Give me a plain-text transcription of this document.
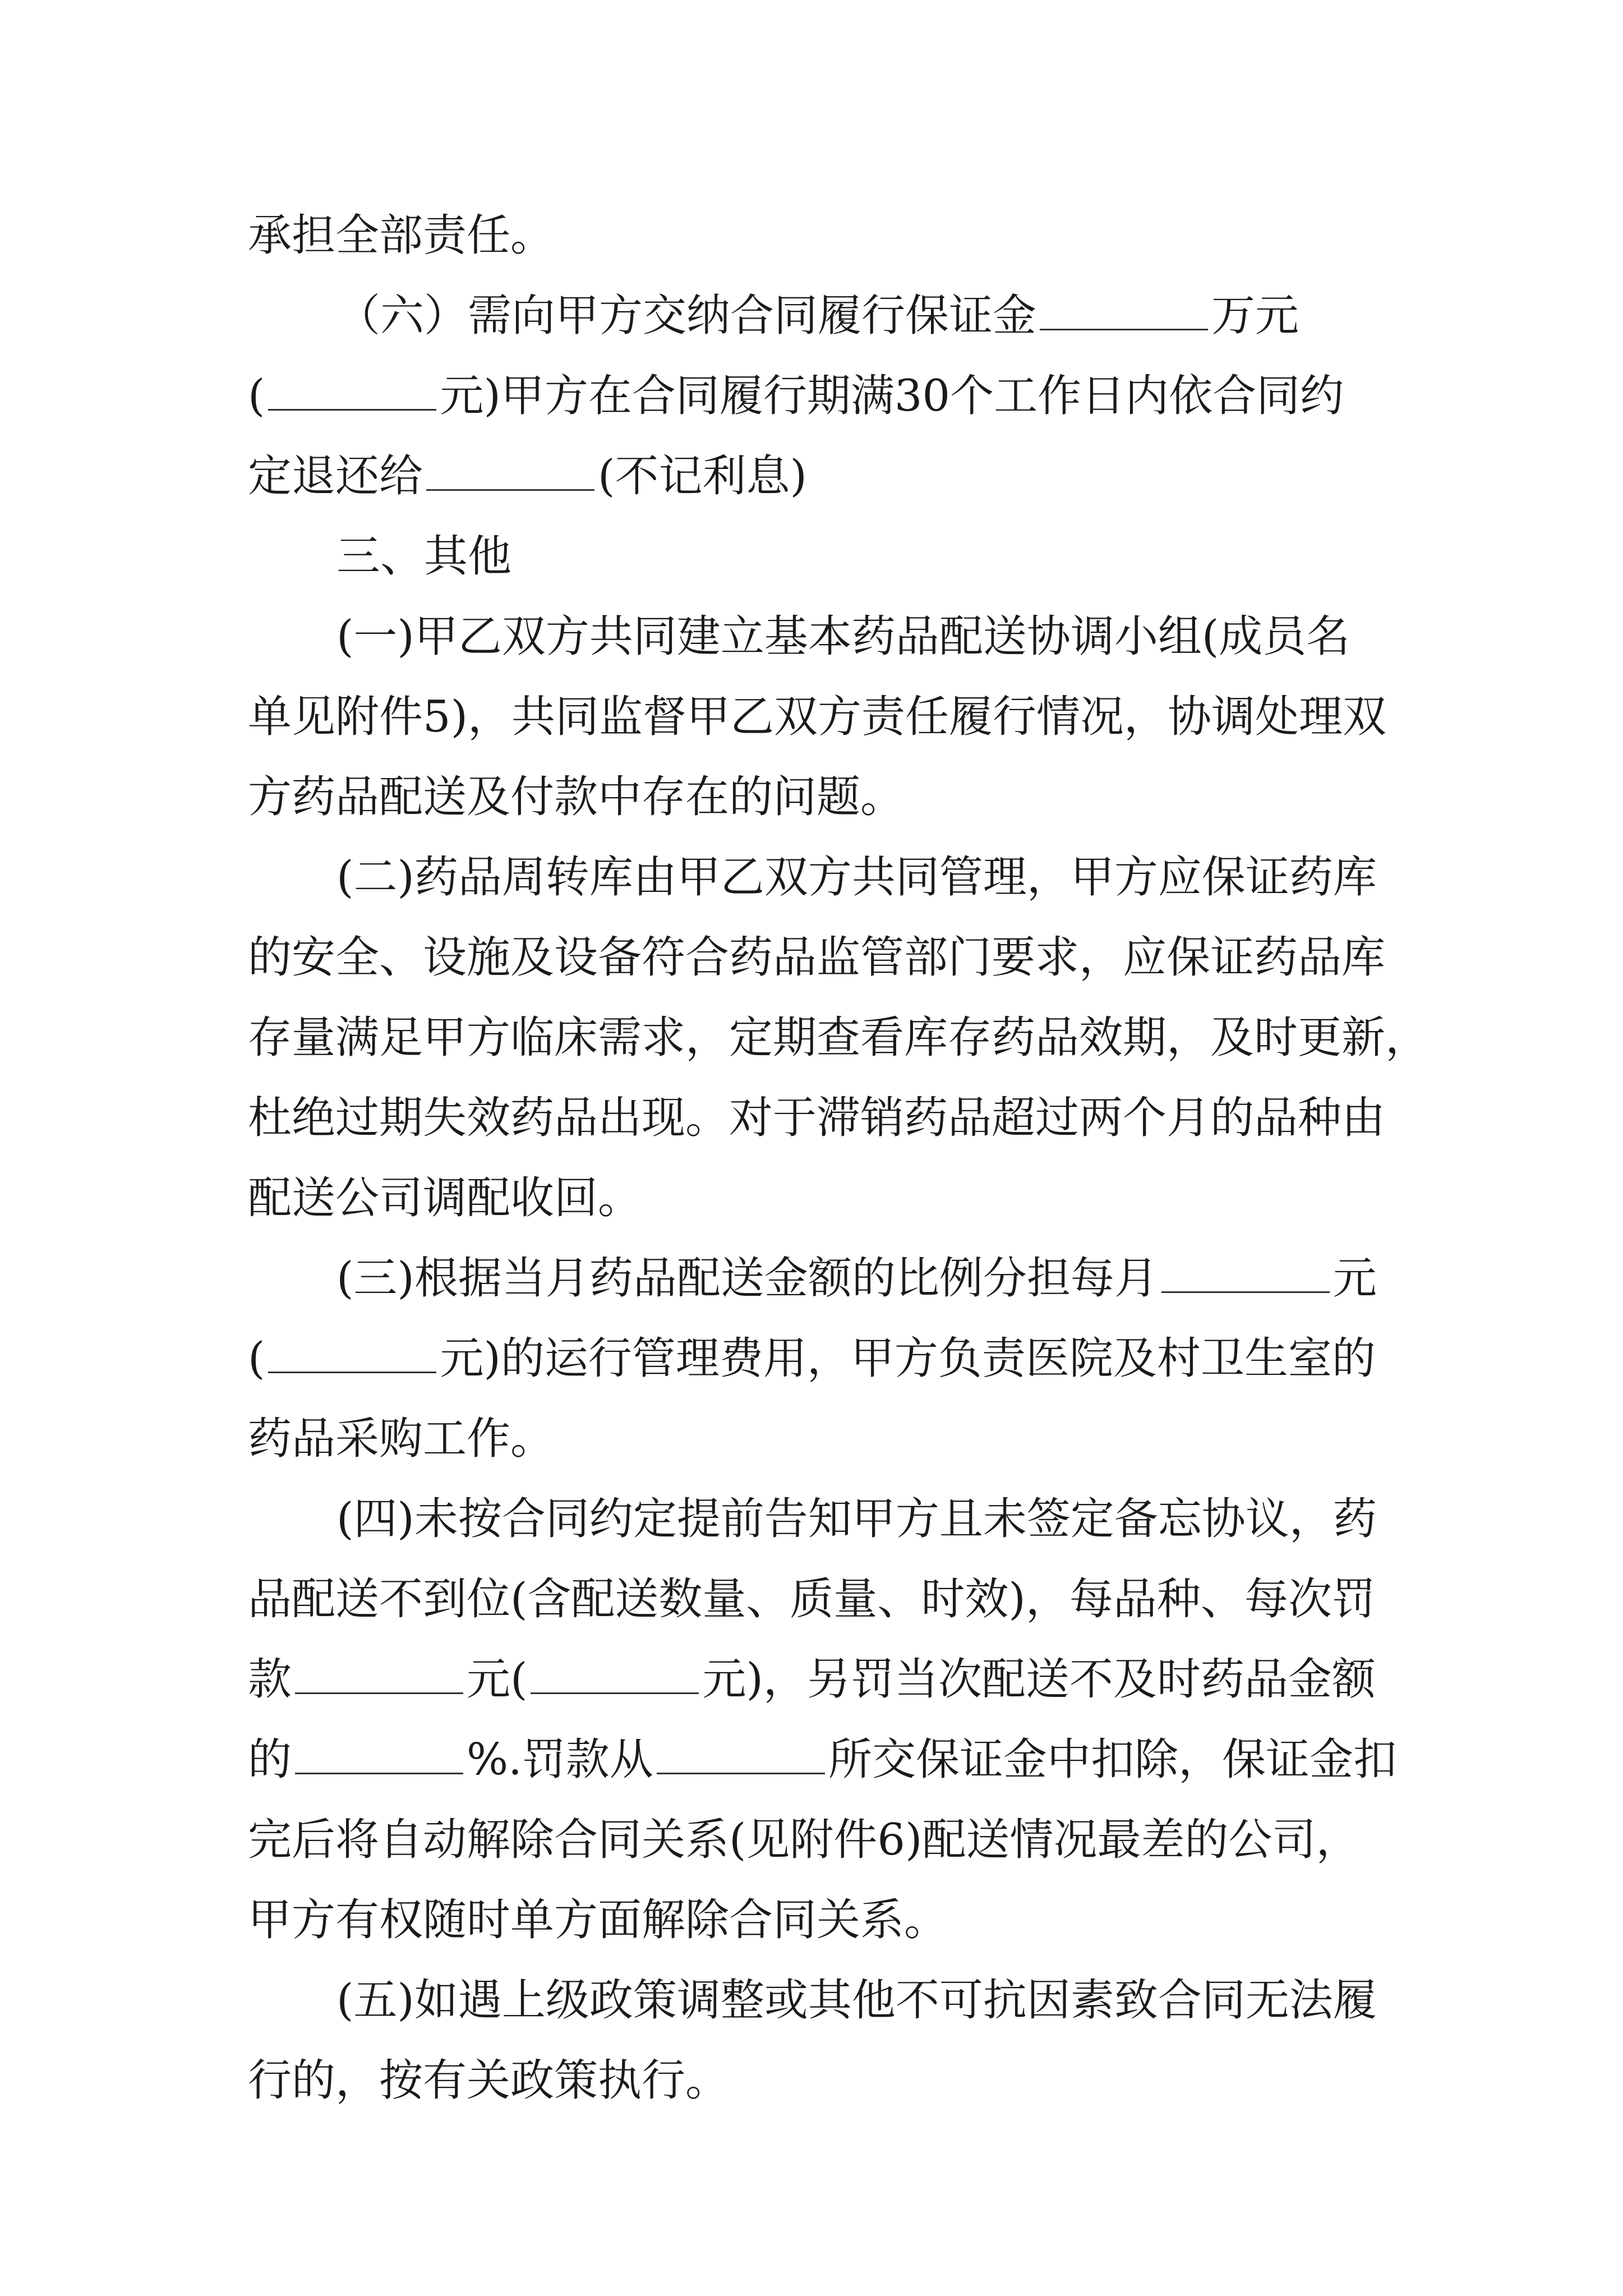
承担全部责任。
（六）需向甲方交纳合同履行保证金	万元
(	元)甲方在合同履行期满30个工作日内依合同约
定退还给	(不记利息)
三、其他
(一)甲乙双方共同建立基本药品配送协调小组(成员名
单见附件5)，共同监督甲乙双方责任履行情况，协调处理双
方药品配送及付款中存在的问题。
(二)药品周转库由甲乙双方共同管理，甲方应保证药库
的安全、设施及设备符合药品监管部门要求，应保证药品库
存量满足甲方临床需求，定期查看库存药品效期，及时更新，
杜绝过期失效药品出现。对于滞销药品超过两个月的品种由
配送公司调配收回。
(三)根据当月药品配送金额的比例分担每月	元
(	元)的运行管理费用，甲方负责医院及村卫生室的
药品采购工作。
(四)未按合同约定提前告知甲方且未签定备忘协议，药
品配送不到位(含配送数量、质量、时效)，每品种、每次罚
款	元(	元)，另罚当次配送不及时药品金额
的	%.罚款从	所交保证金中扣除，保证金扣
完后将自动解除合同关系(见附件6)配送情况最差的公司，
甲方有权随时单方面解除合同关系。
(五)如遇上级政策调整或其他不可抗因素致合同无法履
行的，按有关政策执行。
